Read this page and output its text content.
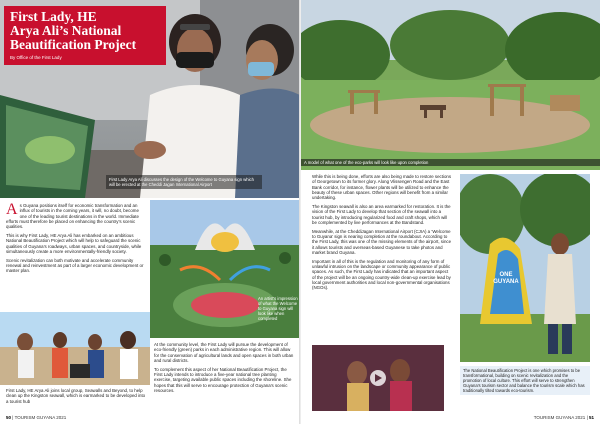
First Lady, HE
Arya Ali’s National
Beautification Project
By Office of the First Lady
First Lady Arya Ali discusses the design of the Welcome to Guyana sign which will be erected at the Cheddi Jagan International Airport

A s Guyana positions itself for economic transformation and an influx of tourists in the coming years, it will, no doubt, become one of the leading tourist destinations in the world. Immediate efforts must therefore be placed on enhancing the country’s scenic qualities.

This is why First Lady, HE Arya Ali has embarked on an ambitious National Beautification Project which will help to safeguard the scenic qualities of Guyana’s roadways, urban spaces, and countryside, while simultaneously create a more environmentally-friendly society.

Scenic revitalization can both motivate and accelerate community renewal and reinvestment as part of a larger economic development or master plan.

An artist's impression of what the Welcome to Guyana sign will look like when completed
First Lady, HE Arya Ali joins local group, Seawalls and Beyond, to help clean up the Kingston seawall, which is earmarked to be developed into a tourist hub

At the community level, the First Lady will pursue the development of eco-friendly (green) parks in each administrative region. This will allow for the conservation of agricultural lands and open spaces in both urban and rural districts.

To complement this aspect of her National Beautification Project, the First Lady intends to introduce a five-year national tree planting exercise, targeting available public spaces including the shoreline. She hopes that this will serve to encourage protection of Guyana’s scenic resources.

50 | TOURISM GUYANA 2021
A model of what one of the eco-parks will look like upon completion

While this is being done, efforts are also being made to restore sections of Georgetown to its former glory. Along Vlissengen Road and the East Bank corridor, for instance, flower plants will be utilized to enhance the beauty of these urban spaces. Other regions will benefit from a similar undertaking.

The Kingston seawall is also an area earmarked for restoration. It is the vision of the First Lady to develop that section of the seawall into a tourist hub, by introducing regularized food and craft shops, which will be complemented by live performances at the Bandstand.

Meanwhile, at the CheddiJagan International Airport (CJIA) a ‘Welcome to Guyana’ sign is nearing completion at the roundabout. According to the First Lady, this was one of the missing elements of the airport, since it allows tourists and overseas-based Guyanese to take photos and market brand Guyana.

Important in all of this is the regulation and monitoring of any form of unlawful intrusion on the landscape or community appearance of public spaces. As such, the First Lady has indicated that an important aspect of the project will be an ongoing country-wide clean-up exercise lead by local government authorities and local non-governmental organisations (NGOs).

ONE GUYANA
The National Beautification Project is one which promises to be transformational, building on scenic revitalization and the promotion of local culture. This effort will serve to strengthen Guyana’s tourism sector and balance the tourism scale which has traditionally tilted towards eco-tourism.
TOURISM GUYANA 2021 | 51
